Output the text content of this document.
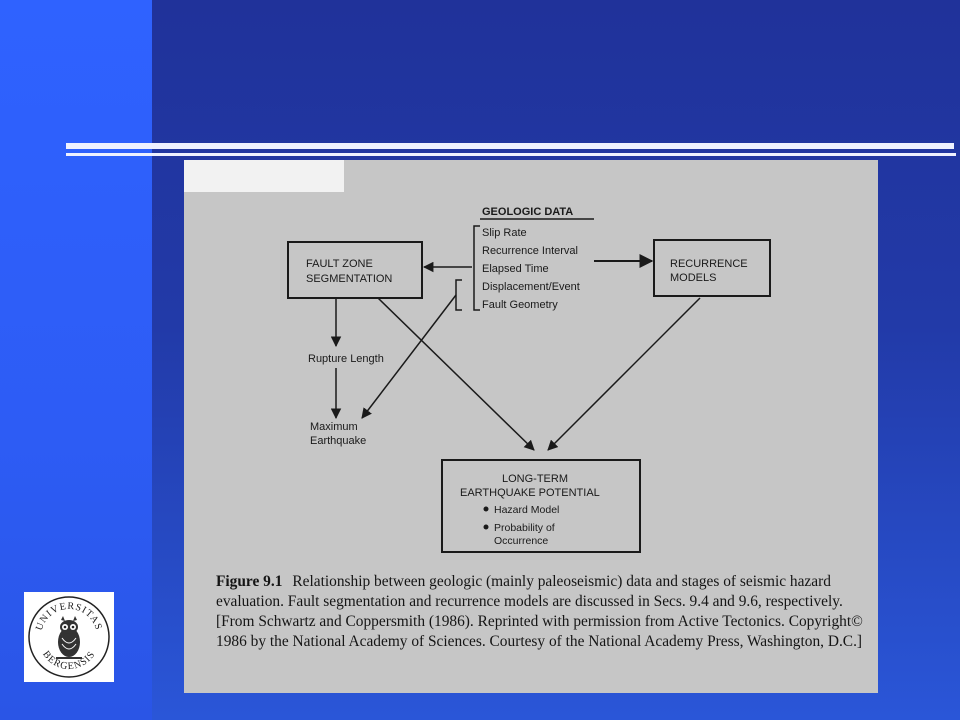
GEOLOGIC DATA
Slip Rate
Recurrence Interval
Elapsed Time
Displacement/Event
Fault Geometry
FAULT ZONE
SEGMENTATION
RECURRENCE
MODELS
Rupture Length
Maximum
Earthquake
LONG-TERM
EARTHQUAKE POTENTIAL
Hazard Model
Probability of
Occurrence
Figure 9.1 Relationship between geologic (mainly paleoseismic) data and stages of seismic hazard evaluation. Fault segmentation and recurrence models are discussed in Secs. 9.4 and 9.6, respectively. [From Schwartz and Coppersmith (1986). Reprinted with permission from Active Tectonics. Copyright© 1986 by the National Academy of Sciences. Courtesy of the National Academy Press, Washington, D.C.]
UNIVERSITAS
BERGENSIS
